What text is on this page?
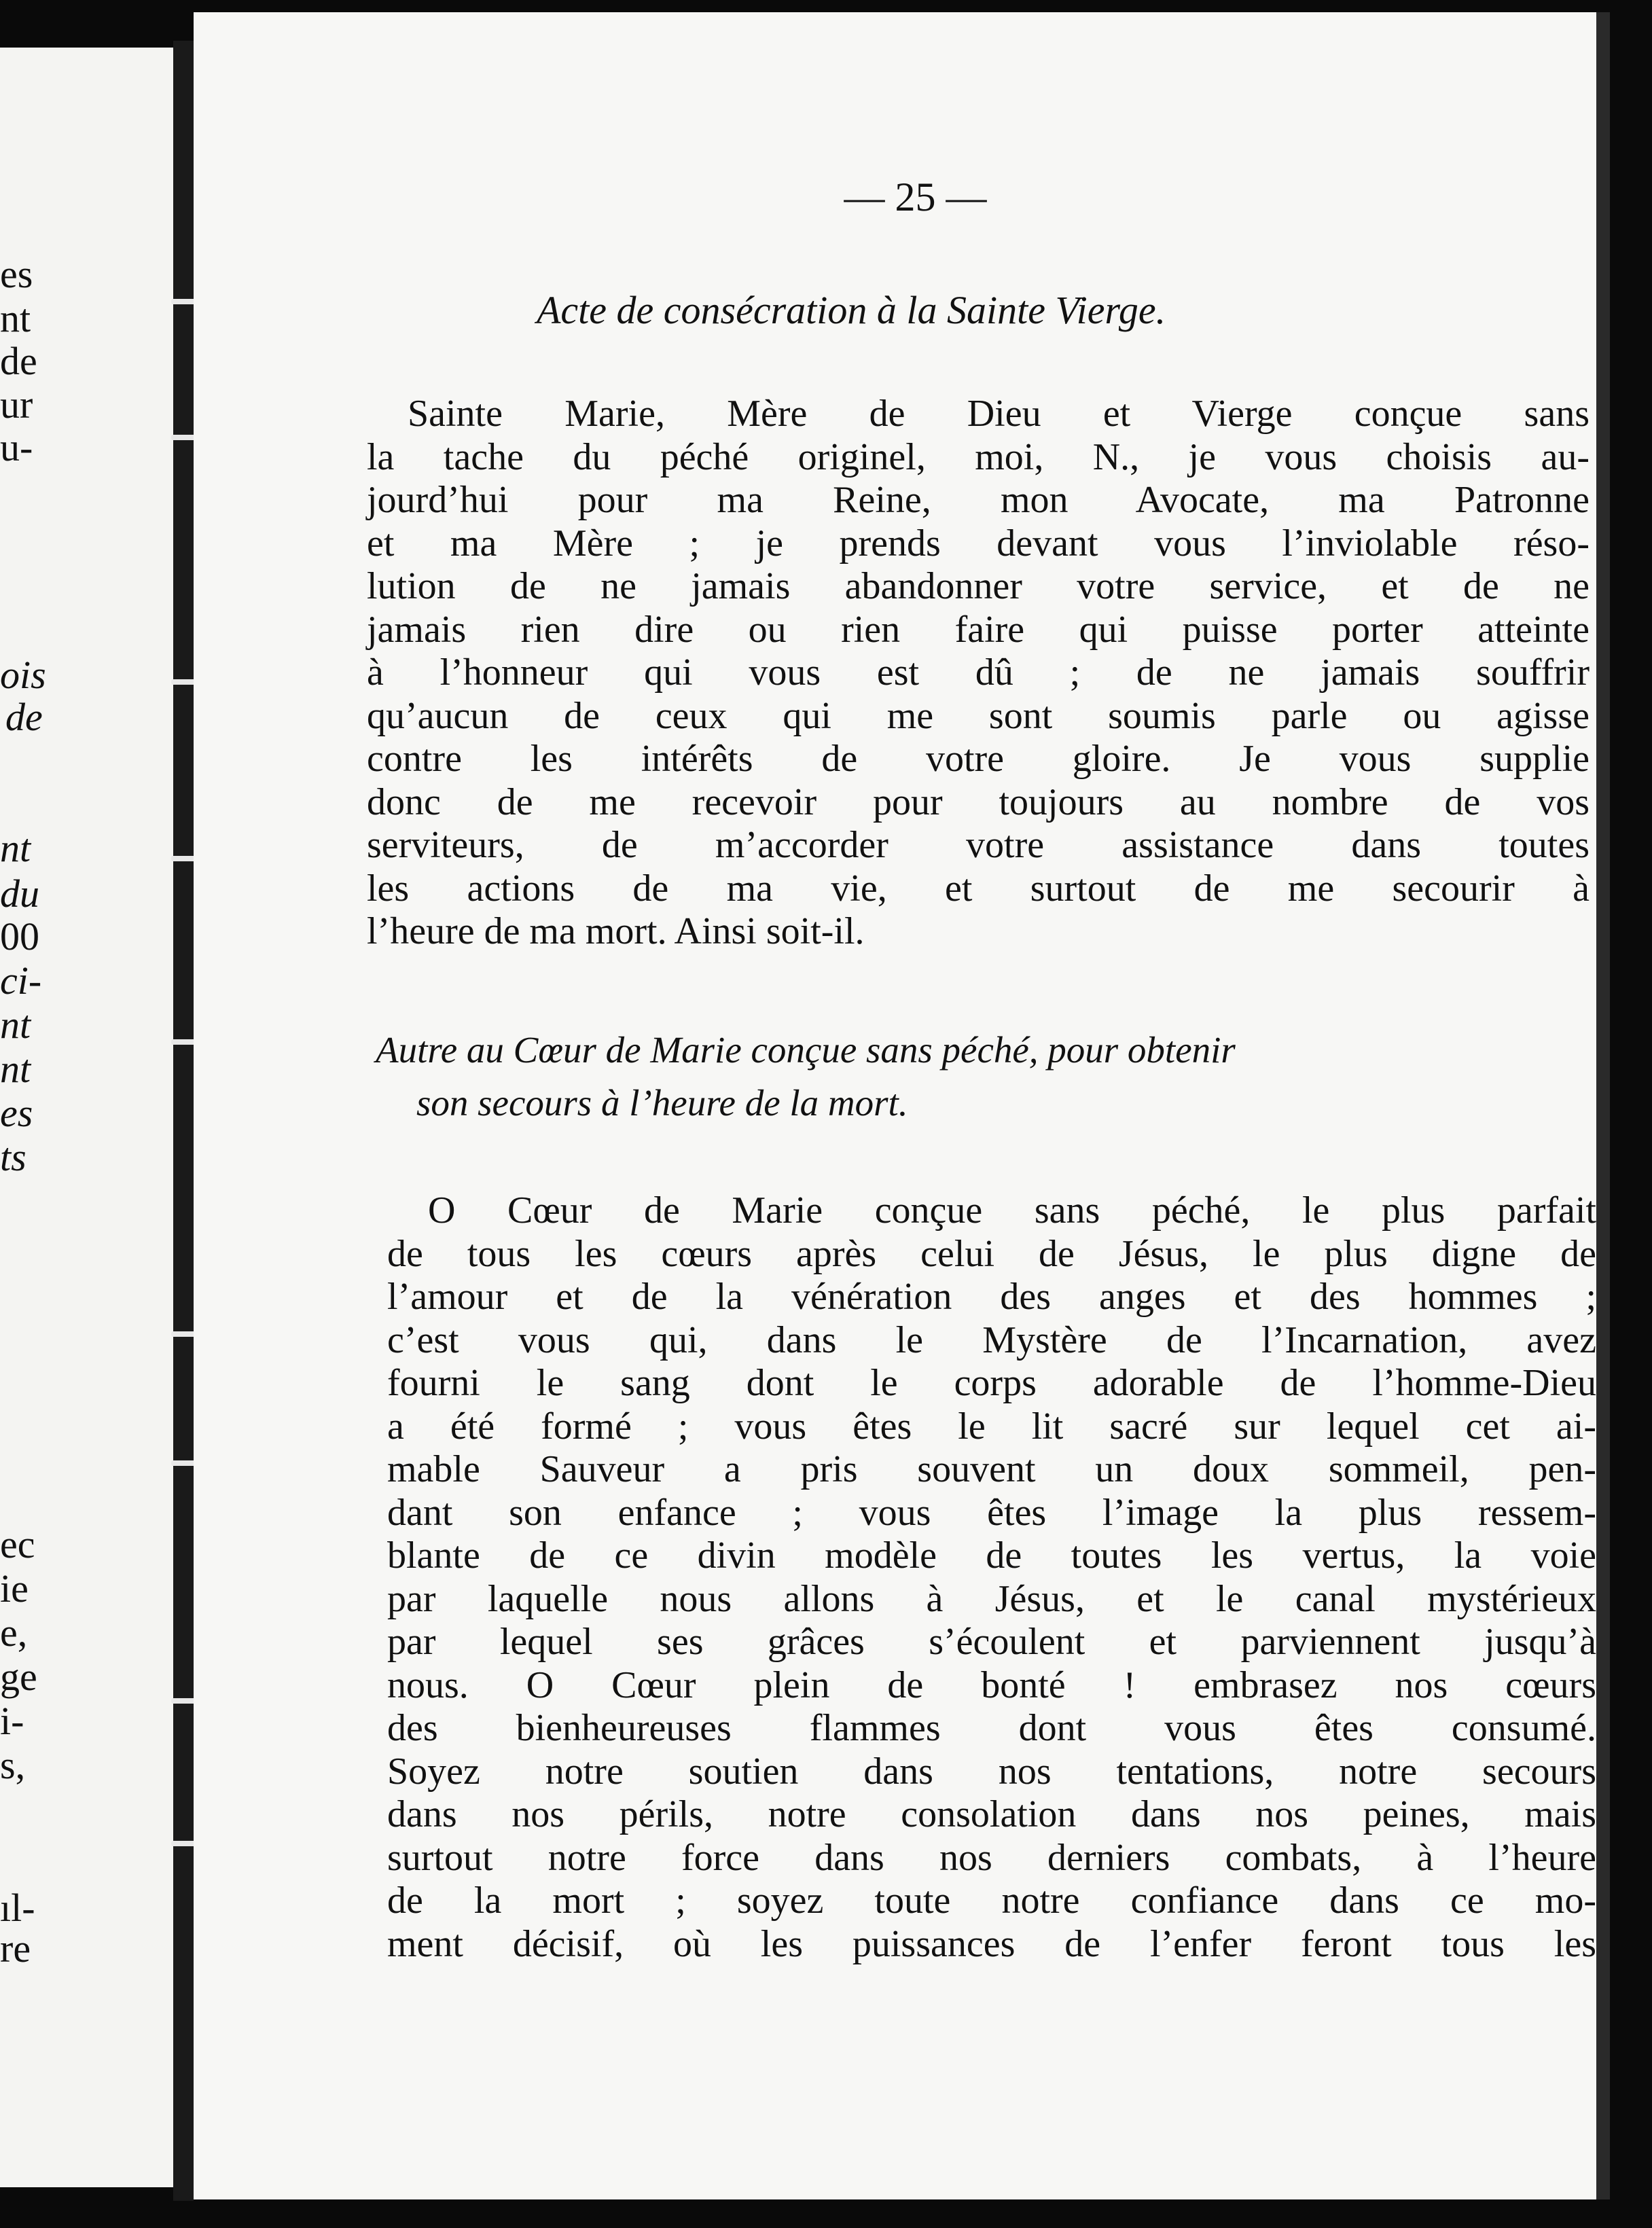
es
nt
de
ur
u-
ois
de
nt
du
00
ci-
nt
nt
es
ts
ec
ie
e,
ge
i-
s,
ıl-
re
— 25 —
Acte de consécration à la Sainte Vierge.
Sainte Marie, Mère de Dieu et Vierge conçue sans
la tache du péché originel, moi, N., je vous choisis au-
jourd’hui pour ma Reine, mon Avocate, ma Patronne
et ma Mère ; je prends devant vous l’inviolable réso-
lution de ne jamais abandonner votre service, et de ne
jamais rien dire ou rien faire qui puisse porter atteinte
à l’honneur qui vous est dû ; de ne jamais souffrir
qu’aucun de ceux qui me sont soumis parle ou agisse
contre les intérêts de votre gloire. Je vous supplie
donc de me recevoir pour toujours au nombre de vos
serviteurs, de m’accorder votre assistance dans toutes
les actions de ma vie, et surtout de me secourir à
l’heure de ma mort. Ainsi soit-il.
Autre au Cœur de Marie conçue sans péché, pour obtenir
son secours à l’heure de la mort.
O Cœur de Marie conçue sans péché, le plus parfait
de tous les cœurs après celui de Jésus, le plus digne de
l’amour et de la vénération des anges et des hommes ;
c’est vous qui, dans le Mystère de l’Incarnation, avez
fourni le sang dont le corps adorable de l’homme-Dieu
a été formé ; vous êtes le lit sacré sur lequel cet ai-
mable Sauveur a pris souvent un doux sommeil, pen-
dant son enfance ; vous êtes l’image la plus ressem-
blante de ce divin modèle de toutes les vertus, la voie
par laquelle nous allons à Jésus, et le canal mystérieux
par lequel ses grâces s’écoulent et parviennent jusqu’à
nous. O Cœur plein de bonté ! embrasez nos cœurs
des bienheureuses flammes dont vous êtes consumé.
Soyez notre soutien dans nos tentations, notre secours
dans nos périls, notre consolation dans nos peines, mais
surtout notre force dans nos derniers combats, à l’heure
de la mort ; soyez toute notre confiance dans ce mo-
ment décisif, où les puissances de l’enfer feront tous les
